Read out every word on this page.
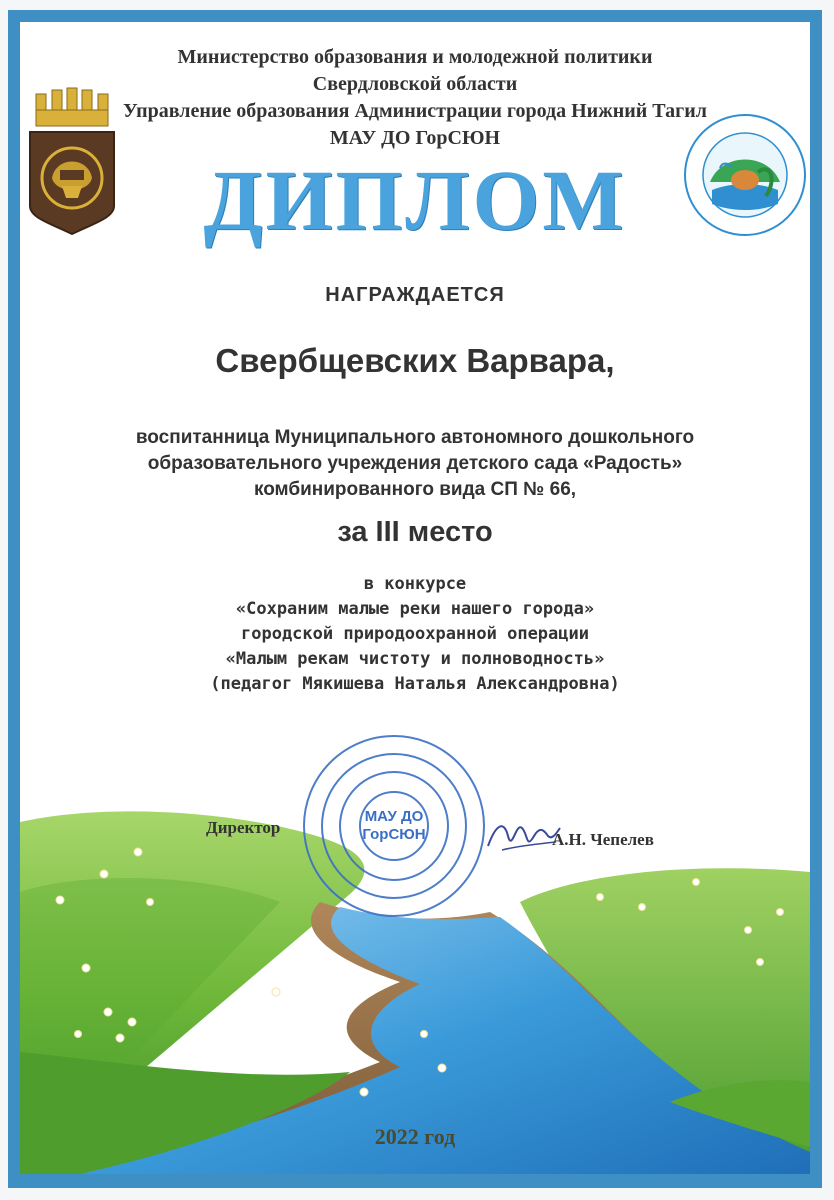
Министерство образования и молодежной политики
Свердловской области
Управление образования Администрации города Нижний Тагил
МАУ ДО ГорСЮН
ДИПЛОМ
НАГРАЖДАЕТСЯ
Свербщевских Варвара,
воспитанница Муниципального автономного дошкольного
образовательного учреждения детского сада «Радость»
комбинированного вида СП № 66,
за III место
в конкурсе
«Сохраним малые реки нашего города»
городской природоохранной операции
«Малым рекам чистоту и полноводность»
(педагог Мякишева Наталья Александровна)
Директор
МАУ ДО
ГорСЮН	А.Н. Чепелев
2022 год
